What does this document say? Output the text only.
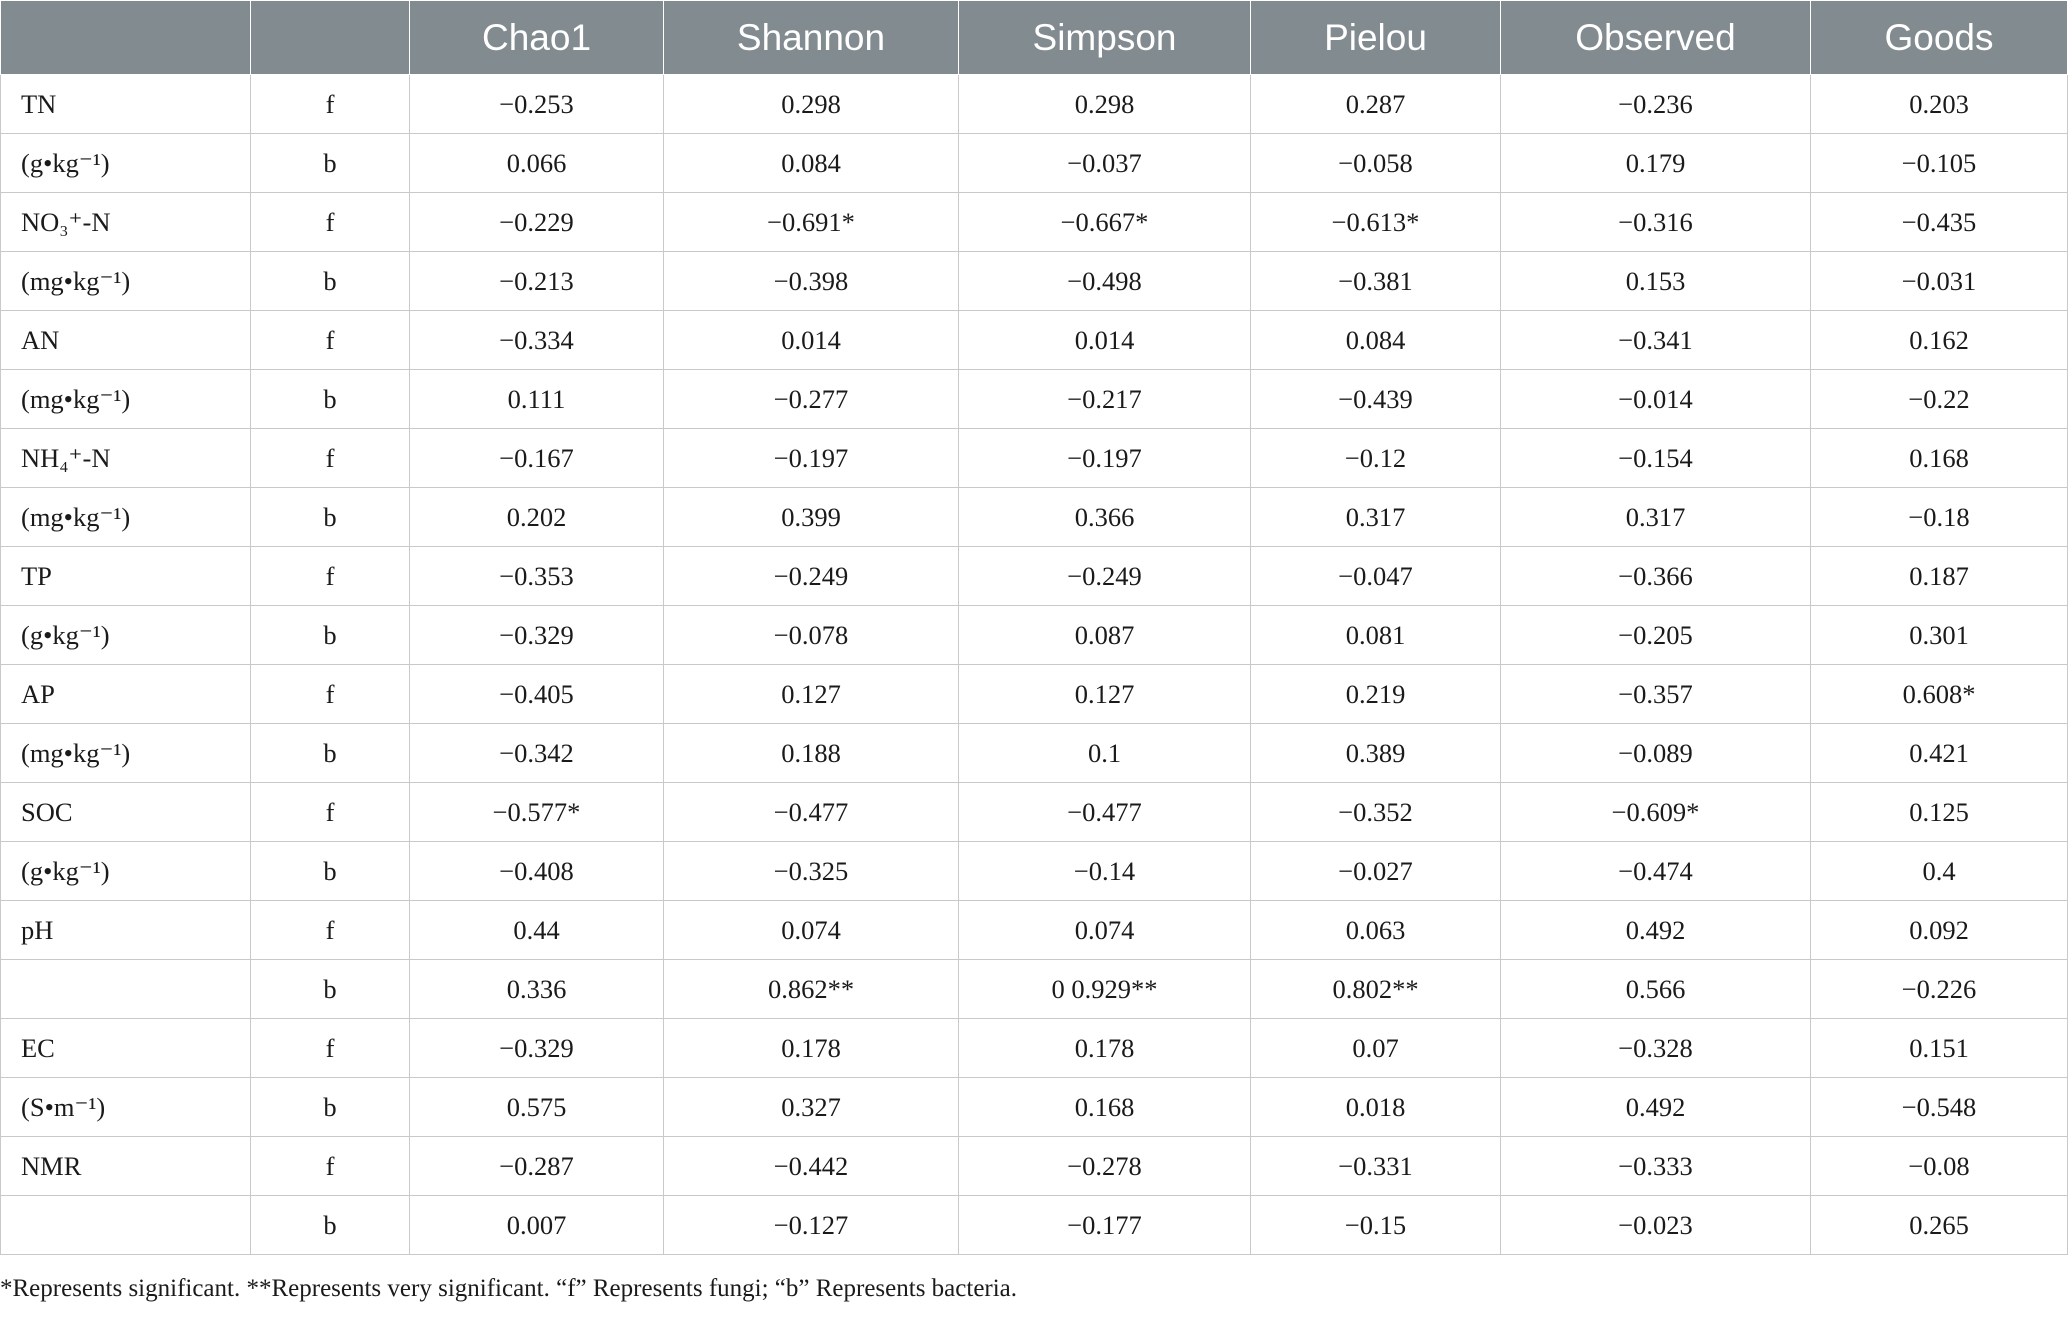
		Chao1	Shannon	Simpson	Pielou	Observed	Goods
TN	f	−0.253	0.298	0.298	0.287	−0.236	0.203
(g•kg⁻¹)	b	0.066	0.084	−0.037	−0.058	0.179	−0.105
NO₃⁺-N	f	−0.229	−0.691*	−0.667*	−0.613*	−0.316	−0.435
(mg•kg⁻¹)	b	−0.213	−0.398	−0.498	−0.381	0.153	−0.031
AN	f	−0.334	0.014	0.014	0.084	−0.341	0.162
(mg•kg⁻¹)	b	0.111	−0.277	−0.217	−0.439	−0.014	−0.22
NH₄⁺-N	f	−0.167	−0.197	−0.197	−0.12	−0.154	0.168
(mg•kg⁻¹)	b	0.202	0.399	0.366	0.317	0.317	−0.18
TP	f	−0.353	−0.249	−0.249	−0.047	−0.366	0.187
(g•kg⁻¹)	b	−0.329	−0.078	0.087	0.081	−0.205	0.301
AP	f	−0.405	0.127	0.127	0.219	−0.357	0.608*
(mg•kg⁻¹)	b	−0.342	0.188	0.1	0.389	−0.089	0.421
SOC	f	−0.577*	−0.477	−0.477	−0.352	−0.609*	0.125
(g•kg⁻¹)	b	−0.408	−0.325	−0.14	−0.027	−0.474	0.4
pH	f	0.44	0.074	0.074	0.063	0.492	0.092
	b	0.336	0.862**	0 0.929**	0.802**	0.566	−0.226
EC	f	−0.329	0.178	0.178	0.07	−0.328	0.151
(S•m⁻¹)	b	0.575	0.327	0.168	0.018	0.492	−0.548
NMR	f	−0.287	−0.442	−0.278	−0.331	−0.333	−0.08
	b	0.007	−0.127	−0.177	−0.15	−0.023	0.265

*Represents significant. **Represents very significant. “f” Represents fungi; “b” Represents bacteria.
